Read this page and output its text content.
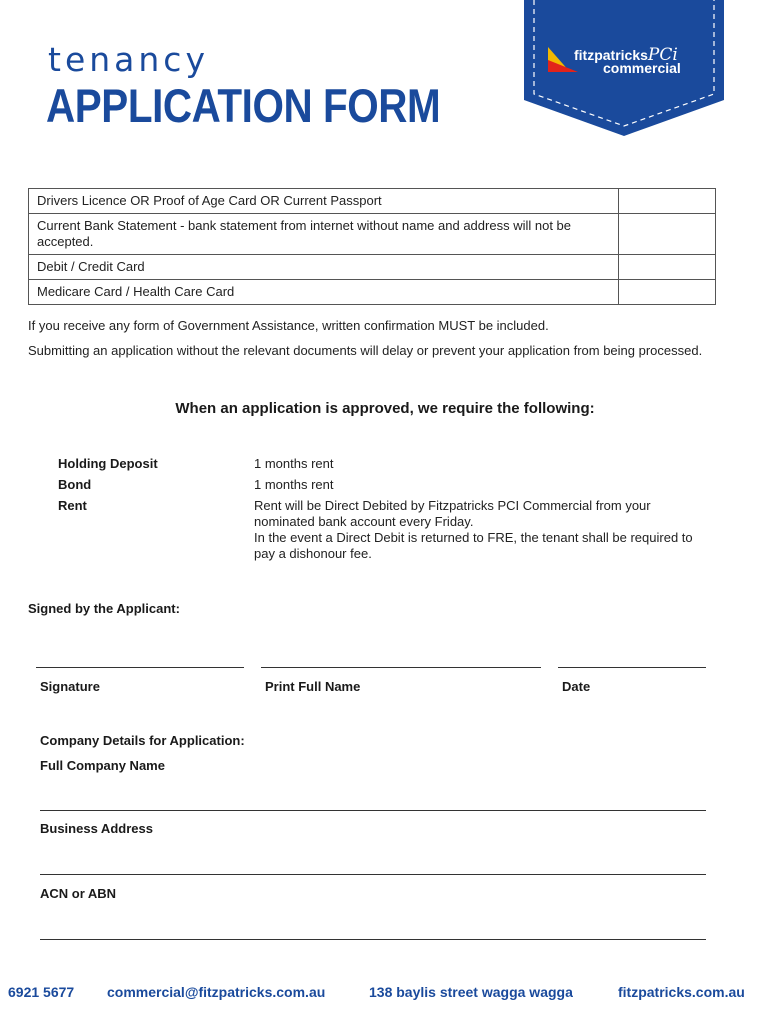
tenancy
APPLICATION FORM
fitzpatricksPCi
commercial
Drivers Licence OR Proof of Age Card OR Current Passport	
Current Bank Statement - bank statement from internet without name and address will not be accepted.	
Debit / Credit Card	
Medicare Card / Health Care Card	
If you receive any form of Government Assistance, written confirmation MUST be included.
Submitting an application without the relevant documents will delay or prevent your application from being processed.
When an application is approved, we require the following:
Holding Deposit	1 months rent
Bond	1 months rent
Rent	Rent will be Direct Debited by Fitzpatricks PCI Commercial from your nominated bank account every Friday.
In the event a Direct Debit is returned to FRE, the tenant shall be required to pay a dishonour fee.
Signed by the Applicant:
Signature	Print Full Name	Date
Company Details for Application:
Full Company Name
Business Address
ACN or ABN
6921 5677 commercial@fitzpatricks.com.au	138 baylis street wagga wagga	fitzpatricks.com.au
